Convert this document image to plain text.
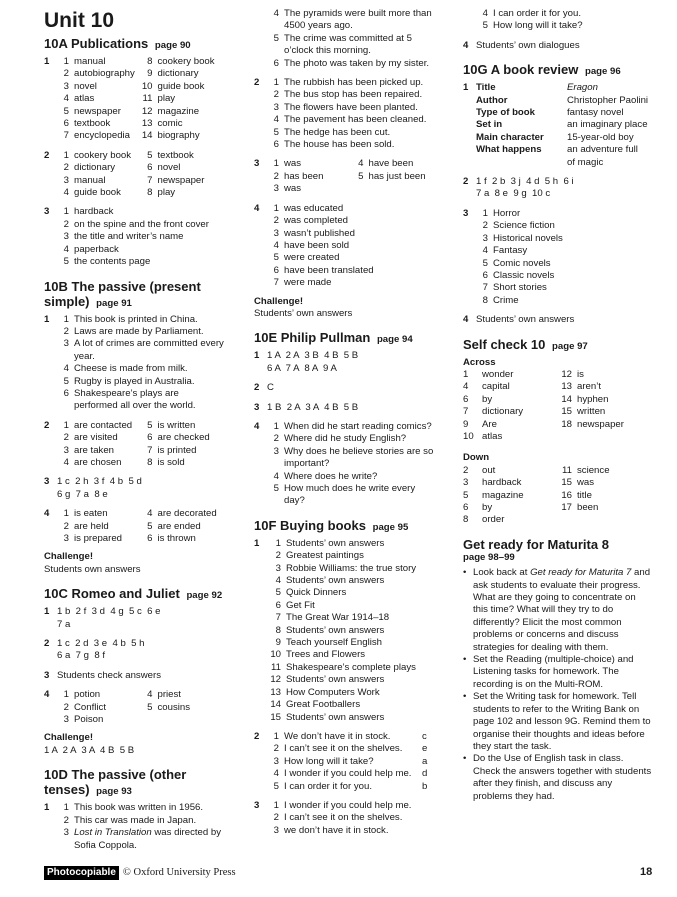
Unit 10
10A Publications page 90
1	1 manual	8 cookery book
2 autobiography	9 dictionary
3 novel	10 guide book
4 atlas	11 play
5 newspaper 12 magazine
6 textbook	13 comic
7 encyclopedia 14 biography
2	1 cookery book	5 textbook
2 dictionary	6 novel
3 manual	7 newspaper
4 guide book	8 play
3	1 hardback
2 on the spine and the front cover
3 the title and writer’s name
4 paperback
5 the contents page
10B The passive (present simple) page 91
1	1 This book is printed in China.
2 Laws are made by Parliament.
3 A lot of crimes are committed every year.
4 Cheese is made from milk.
5 Rugby is played in Australia.
6 Shakespeare’s plays are performed all over the world.
2	1 are contacted	5 is written
2 are visited	6 are checked
3 are taken	7 is printed
4 are chosen	8 is sold
3 1 c  2 h  3 f  4 b  5 d
6 g  7 a  8 e
4	1 is eaten	4 are decorated
2 are held	5 are ended
3 is prepared	6 is thrown
Challenge!
Students own answers
10C Romeo and Juliet page 92
1 1 b  2 f  3 d  4 g  5 c  6 e
7 a
2 1 c  2 d  3 e  4 b  5 h
6 a  7 g  8 f
3 Students check answers
4	1 potion	4 priest
2 Conflict	5 cousins
3 Poison
Challenge!
1 A  2 A  3 A  4 B  5 B
10D The passive (other tenses) page 93
1	1 This book was written in 1956.
2 This car was made in Japan.
3 Lost in Translation was directed by Sofia Coppola.
4 The pyramids were built more than 4500 years ago.
5 The crime was committed at 5 o’clock this morning.
6 The photo was taken by my sister.
2	1 The rubbish has been picked up.
2 The bus stop has been repaired.
3 The flowers have been planted.
4 The pavement has been cleaned.
5 The hedge has been cut.
6 The house has been sold.
3	1 was	4 have been
2 has been	5 has just been
3 was
4	1 was educated
2 was completed
3 wasn’t published
4 have been sold
5 were created
6 have been translated
7 were made
Challenge!
Students’ own answers
10E Philip Pullman page 94
1 1 A  2 A  3 B  4 B  5 B
6 A  7 A  8 A  9 A
2 C
3 1 B  2 A  3 A  4 B  5 B
4	1 When did he start reading comics?
2 Where did he study English?
3 Why does he believe stories are so important?
4 Where does he write?
5 How much does he write every day?
10F Buying books page 95
1	1 Students’ own answers
2 Greatest paintings
3 Robbie Williams: the true story
4 Students’ own answers
5 Quick Dinners
6 Get Fit
7 The Great War 1914–18
8 Students’ own answers
9 Teach yourself English
10 Trees and Flowers
11 Shakespeare’s complete plays
12 Students’ own answers
13 How Computers Work
14 Great Footballers
15 Students’ own answers
2	1 We don’t have it in stock.	c
2 I can’t see it on the shelves.	e
3 How long will it take?	a
4 I wonder if you could help me.	d
5 I can order it for you.	b
3	1 I wonder if you could help me.
2 I can’t see it on the shelves.
3 we don’t have it in stock.
4 I can order it for you.
5 How long will it take?
4 Students’ own dialogues
10G A book review page 96
1 Title	Eragon
Author	Christopher Paolini
Type of book	fantasy novel
Set in	an imaginary place
Main character	15-year-old boy
What happens	an adventure full of magic
2 1 f  2 b  3 j  4 d  5 h  6 i
7 a  8 e  9 g  10 c
3	1 Horror
2 Science fiction
3 Historical novels
4 Fantasy
5 Comic novels
6 Classic novels
7 Short stories
8 Crime
4 Students’ own answers
Self check 10 page 97
Across
1	wonder	12 is
4	capital	13 aren’t
6	by	14 hyphen
7	dictionary	15 written
9	Are	18 newspaper
10 atlas
Down
2	out	11 science
3	hardback	15 was
5	magazine	16 title
6	by	17 been
8	order
Get ready for Maturita 8
page 98–99
• Look back at Get ready for Maturita 7 and ask students to evaluate their progress. What are they going to concentrate on this time? What will they try to do differently? Elicit the most common problems or concerns and discuss strategies for dealing with them.
• Set the Reading (multiple-choice) and Listening tasks for homework. The recording is on the Multi-ROM.
• Set the Writing task for homework. Tell students to refer to the Writing Bank on page 102 and lesson 9G. Remind them to organise their thoughts and ideas before they start the task.
• Do the Use of English task in class. Check the answers together with students after they finish, and discuss any problems they had.
Photocopiable © Oxford University Press	18
